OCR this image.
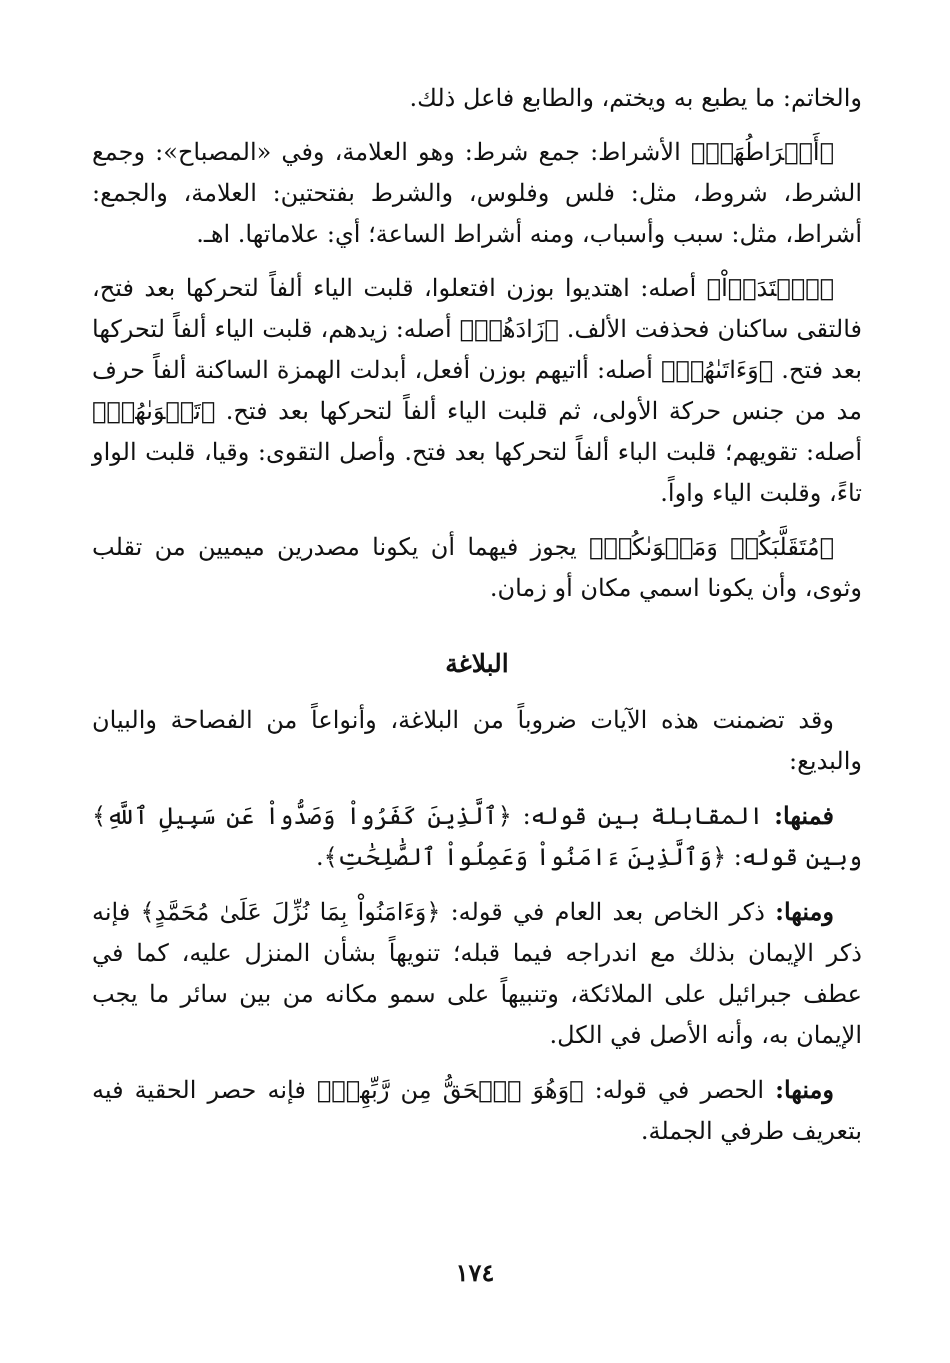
والخاتم: ما يطبع به ويختم، والطابع فاعل ذلك.

﴿أَشۡرَاطُهَاۚ﴾ الأشراط: جمع شرط: وهو العلامة، وفي «المصباح»: وجمع الشرط، شروط، مثل: فلس وفلوس، والشرط بفتحتين: العلامة، والجمع: أشراط، مثل: سبب وأسباب، ومنه أشراط الساعة؛ أي: علاماتها. اهـ.

﴿ٱهۡتَدَوۡاْ﴾ أصله: اهتديوا بوزن افتعلوا، قلبت الياء ألفاً لتحركها بعد فتح، فالتقى ساكنان فحذفت الألف. ﴿زَادَهُمۡ﴾ أصله: زيدهم، قلبت الياء ألفاً لتحركها بعد فتح. ﴿وَءَاتَىٰهُمۡ﴾ أصله: أاتيهم بوزن أفعل، أبدلت الهمزة الساكنة ألفاً حرف مد من جنس حركة الأولى، ثم قلبت الياء ألفاً لتحركها بعد فتح. ﴿تَقۡوَىٰهُمۡ﴾ أصله: تقويهم؛ قلبت الباء ألفاً لتحركها بعد فتح. وأصل التقوى: وقيا، قلبت الواو تاءً، وقلبت الياء واواً.

﴿مُتَقَلَّبَكُمۡ وَمَثۡوَىٰكُمۡ﴾ يجوز فيهما أن يكونا مصدرين ميميين من تقلب وثوى، وأن يكونا اسمي مكان أو زمان.

البلاغة

وقد تضمنت هذه الآيات ضروباً من البلاغة، وأنواعاً من الفصاحة والبيان والبديع:

فمنها: المقابلة بين قوله: ﴿ٱلَّذِينَ كَفَرُواْ وَصَدُّواْ عَن سَبِيلِ ٱللَّهِ﴾ وبين قوله: ﴿وَٱلَّذِينَ ءَامَنُواْ وَعَمِلُواْ ٱلصَّٰلِحَٰتِ﴾.

ومنها: ذكر الخاص بعد العام في قوله: ﴿وَءَامَنُواْ بِمَا نُزِّلَ عَلَىٰ مُحَمَّدٍ﴾ فإنه ذكر الإيمان بذلك مع اندراجه فيما قبله؛ تنويهاً بشأن المنزل عليه، كما في عطف جبرائيل على الملائكة، وتنبيهاً على سمو مكانه من بين سائر ما يجب الإيمان به، وأنه الأصل في الكل.

ومنها: الحصر في قوله: ﴿وَهُوَ ٱلۡحَقُّ مِن رَّبِّهِمۡ﴾ فإنه حصر الحقية فيه بتعريف طرفي الجملة.

١٧٤
